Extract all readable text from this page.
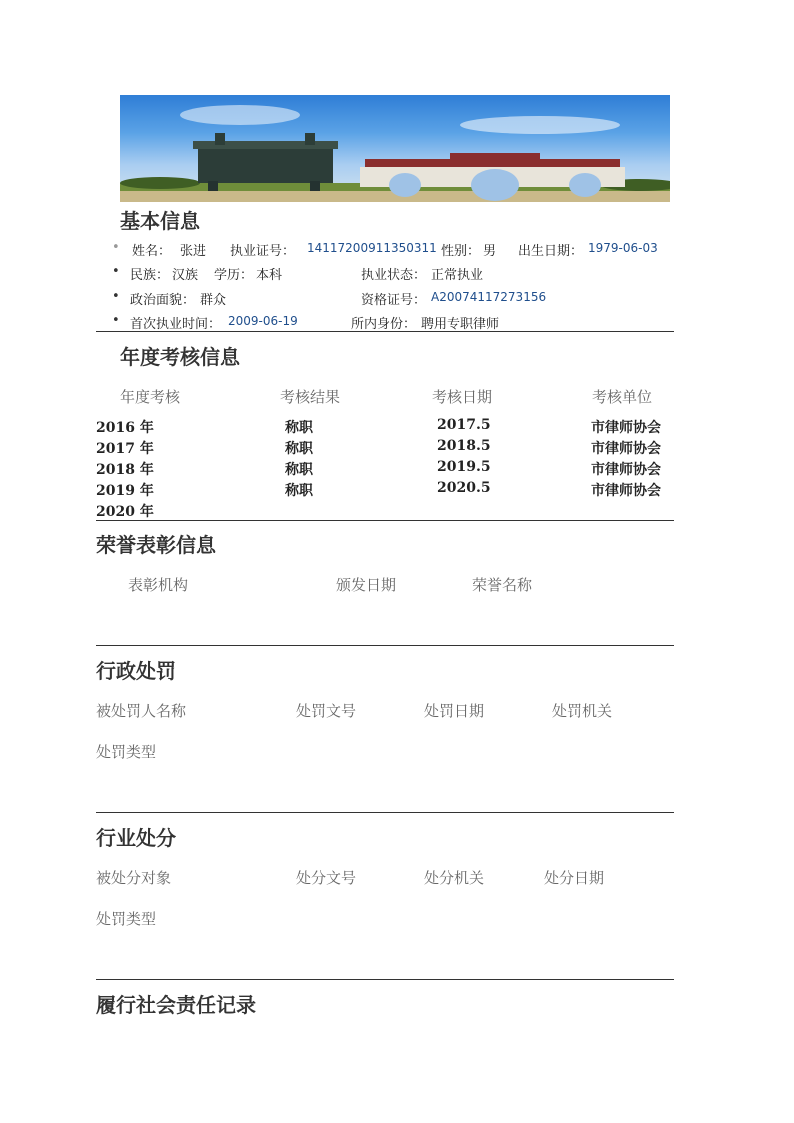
基本信息
• 姓名： 张进 执业证号： 14117200911350311 性别： 男 出生日期： 1979-06-03
• 民族： 汉族 学历： 本科	执业状态： 正常执业
• 政治面貌： 群众	资格证号： A20074117273156
• 首次执业时间： 2009-06-19	所内身份： 聘用专职律师
年度考核信息
年度考核	考核结果	考核日期	考核单位
2016 年	称职	2017.5	市律师协会
2017 年	称职	2018.5	市律师协会
2018 年	称职	2019.5	市律师协会
2019 年	称职	2020.5	市律师协会
2020 年
荣誉表彰信息
表彰机构	颁发日期	荣誉名称
行政处罚
被处罚人名称	处罚文号	处罚日期	处罚机关
处罚类型
行业处分
被处分对象	处分文号	处分机关	处分日期
处罚类型
履行社会责任记录
